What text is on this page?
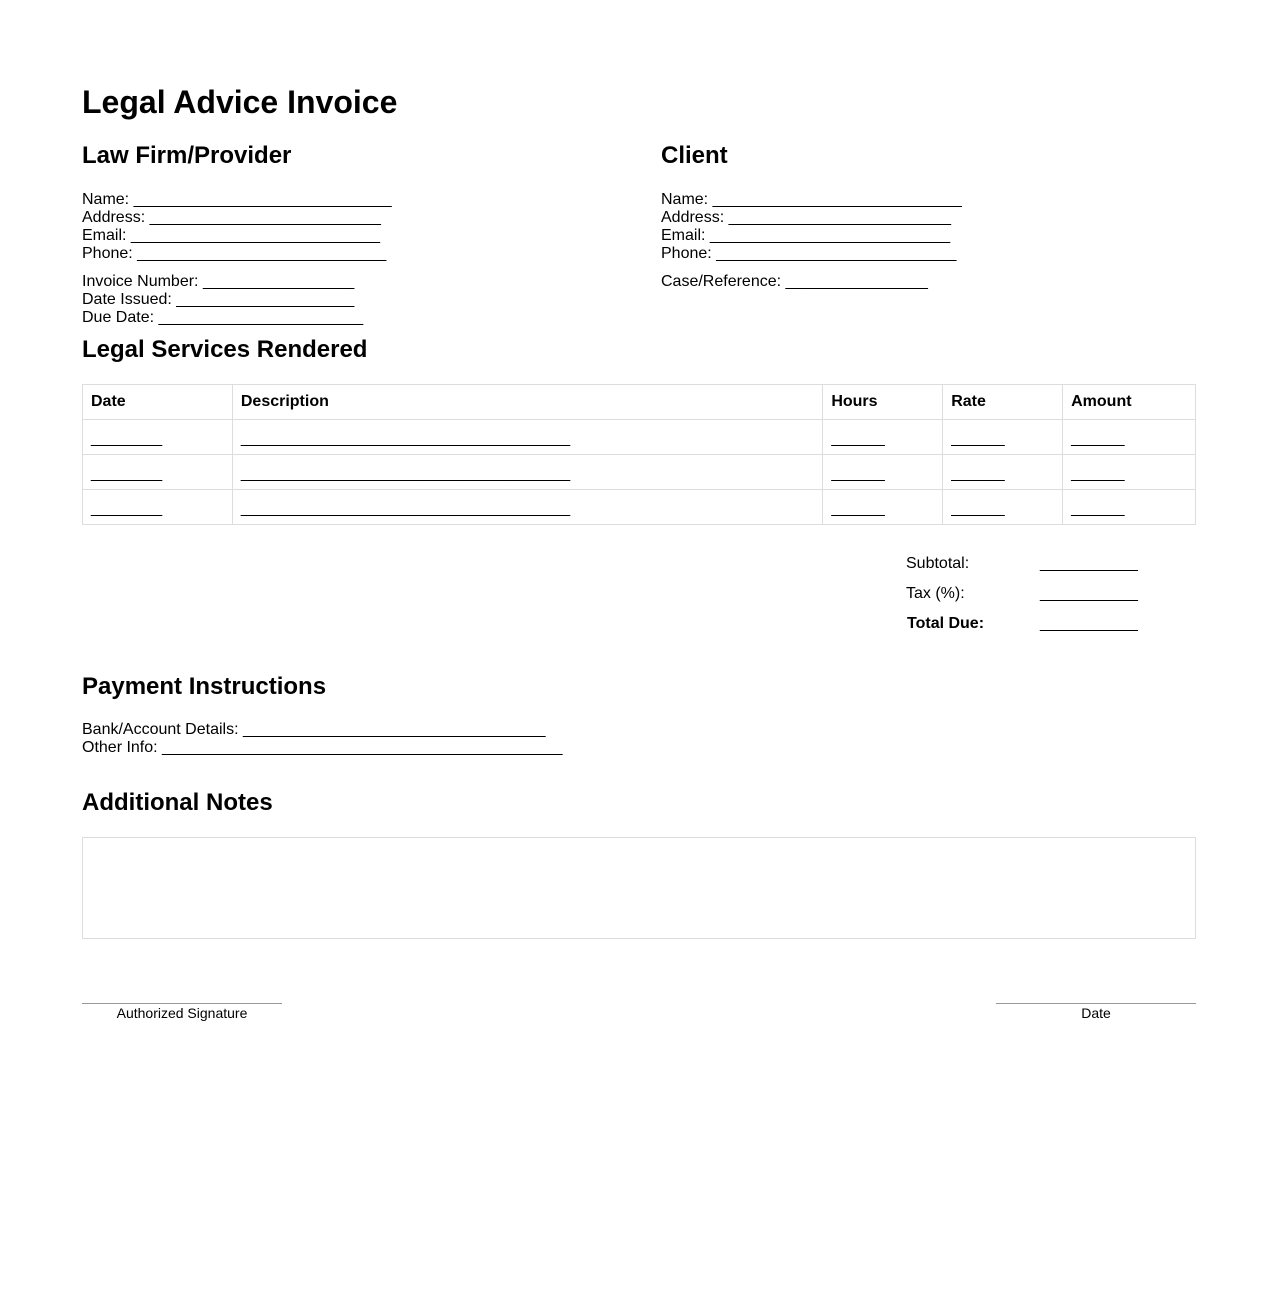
Legal Advice Invoice
Law Firm/Provider
Name: _____________________________
Address: __________________________
Email: ____________________________
Phone: ____________________________
Invoice Number: _________________
Date Issued: ____________________
Due Date: _______________________
Client
Name: ____________________________
Address: _________________________
Email: ___________________________
Phone: ___________________________
Case/Reference: ________________
Legal Services Rendered
Date	Description	Hours	Rate	Amount
________	_____________________________________	______	______	______
________	_____________________________________	______	______	______
________	_____________________________________	______	______	______
Subtotal:	___________
Tax (%):	___________
Total Due:	___________
Payment Instructions
Bank/Account Details: __________________________________
Other Info: _____________________________________________
Additional Notes
Authorized Signature	Date
